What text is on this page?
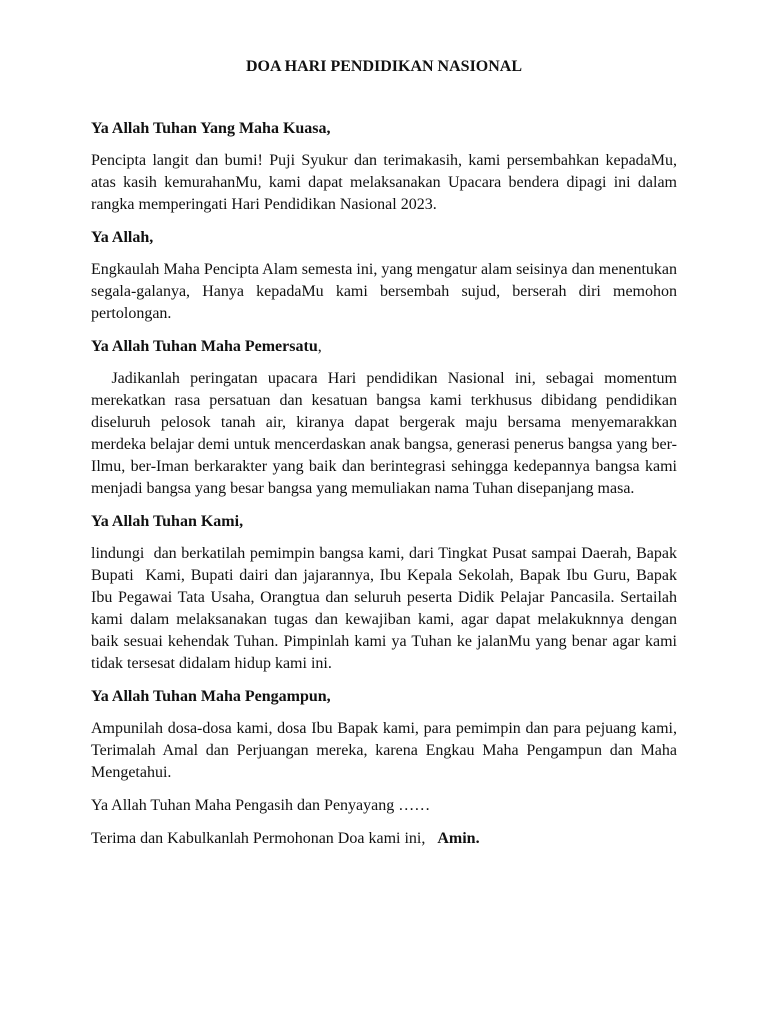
DOA HARI PENDIDIKAN NASIONAL

Ya Allah Tuhan Yang Maha Kuasa,

Pencipta langit dan bumi! Puji Syukur dan terimakasih, kami persembahkan kepadaMu, atas kasih kemurahanMu, kami dapat melaksanakan Upacara bendera dipagi ini dalam rangka memperingati Hari Pendidikan Nasional 2023.

Ya Allah,

Engkaulah Maha Pencipta Alam semesta ini, yang mengatur alam seisinya dan menentukan segala-galanya, Hanya kepadaMu kami bersembah sujud, berserah diri memohon pertolongan.

Ya Allah Tuhan Maha Pemersatu,

Jadikanlah peringatan upacara Hari pendidikan Nasional ini, sebagai momentum merekatkan rasa persatuan dan kesatuan bangsa kami terkhusus dibidang pendidikan diseluruh pelosok tanah air, kiranya dapat bergerak maju bersama menyemarakkan merdeka belajar demi untuk mencerdaskan anak bangsa, generasi penerus bangsa yang ber-Ilmu, ber-Iman berkarakter yang baik dan berintegrasi sehingga kedepannya bangsa kami menjadi bangsa yang besar bangsa yang memuliakan nama Tuhan disepanjang masa.

Ya Allah Tuhan Kami,

lindungi  dan berkatilah pemimpin bangsa kami, dari Tingkat Pusat sampai Daerah, Bapak Bupati  Kami, Bupati dairi dan jajarannya, Ibu Kepala Sekolah, Bapak Ibu Guru, Bapak Ibu Pegawai Tata Usaha, Orangtua dan seluruh peserta Didik Pelajar Pancasila. Sertailah kami dalam melaksanakan tugas dan kewajiban kami, agar dapat melakuknnya dengan baik sesuai kehendak Tuhan. Pimpinlah kami ya Tuhan ke jalanMu yang benar agar kami tidak tersesat didalam hidup kami ini.

Ya Allah Tuhan Maha Pengampun,

Ampunilah dosa-dosa kami, dosa Ibu Bapak kami, para pemimpin dan para pejuang kami, Terimalah Amal dan Perjuangan mereka, karena Engkau Maha Pengampun dan Maha Mengetahui.

Ya Allah Tuhan Maha Pengasih dan Penyayang ……

Terima dan Kabulkanlah Permohonan Doa kami ini, Amin.
